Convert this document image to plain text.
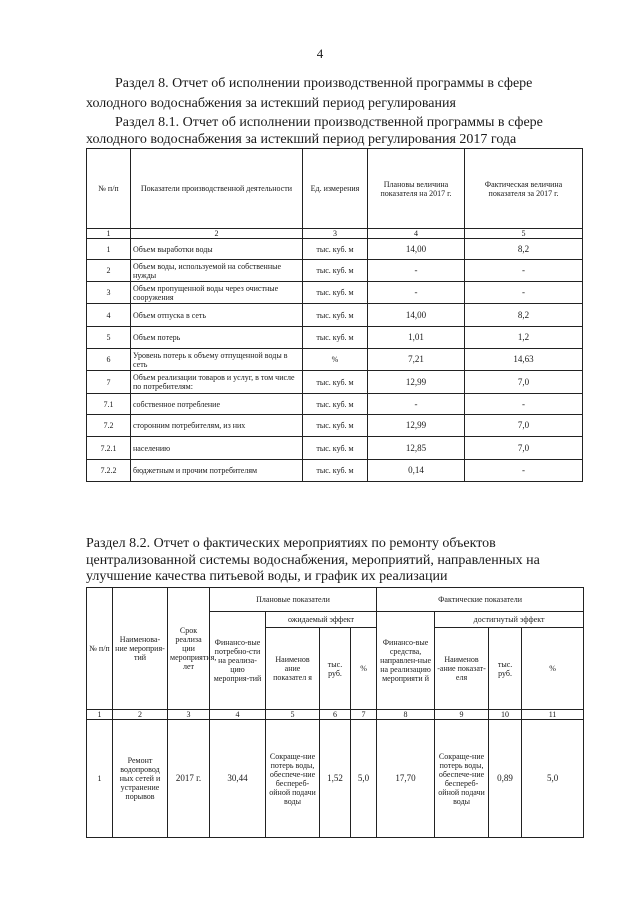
4
Раздел 8. Отчет об исполнении производственной программы в сфере
холодного водоснабжения за истекший период регулирования
Раздел 8.1. Отчет об исполнении производственной программы в сфере
холодного водоснабжения за истекший период регулирования 2017 года
№ п/п	Показатели производственной деятельности	Ед. измерения	Плановы величина показателя на 2017 г.	Фактическая величина показателя за 2017 г.
1	2	3	4	5
1	Объем выработки воды	тыс. куб. м	14,00	8,2
2	Объем воды, используемой на собственные нужды	тыс. куб. м	-	-
3	Объем пропущенной воды через очистные сооружения	тыс. куб. м	-	-
4	Объем отпуска в сеть	тыс. куб. м	14,00	8,2
5	Объем потерь	тыс. куб. м	1,01	1,2
6	Уровень потерь к объему отпущенной воды в сеть	%	7,21	14,63
7	Объем реализации товаров и услуг, в том числе по потребителям:	тыс. куб. м	12,99	7,0
7.1	собственное потребление	тыс. куб. м	-	-
7.2	сторонним потребителям, из них	тыс. куб. м	12,99	7,0
7.2.1	населению	тыс. куб. м	12,85	7,0
7.2.2	бюджетным и прочим потребителям	тыс. куб. м	0,14	-
Раздел 8.2. Отчет о фактических мероприятиях по ремонту объектов
централизованной системы водоснабжения, мероприятий, направленных на
улучшение качества питьевой воды, и график их реализации
№ п/п	Наименова-ние мероприя-тий	Срок реализа ции мероприятия, лет	Плановые показатели				Фактические показатели			
			Финансо-вые потребно-сти на реализа-цию мероприя-тий	ожидаемый эффект			Финансо-вые средства, направлен-ные на реализацию мероприяти й	достигнутый эффект		
				Наименов ание показател я	тыс. руб.	%		Наименов -ание показат-еля	тыс. руб.	%

1	2	3	4	5	6	7	8	9	10	11
1	Ремонт водопровод ных сетей и устранение порывов	2017 г.	30,44	Сокраще-ние потерь воды, обеспече-ние бесперeб-ойной подачи воды	1,52	5,0	17,70	Сокраще-ние потерь воды, обеспече-ние бесперeб-ойной подачи воды	0,89	5,0
